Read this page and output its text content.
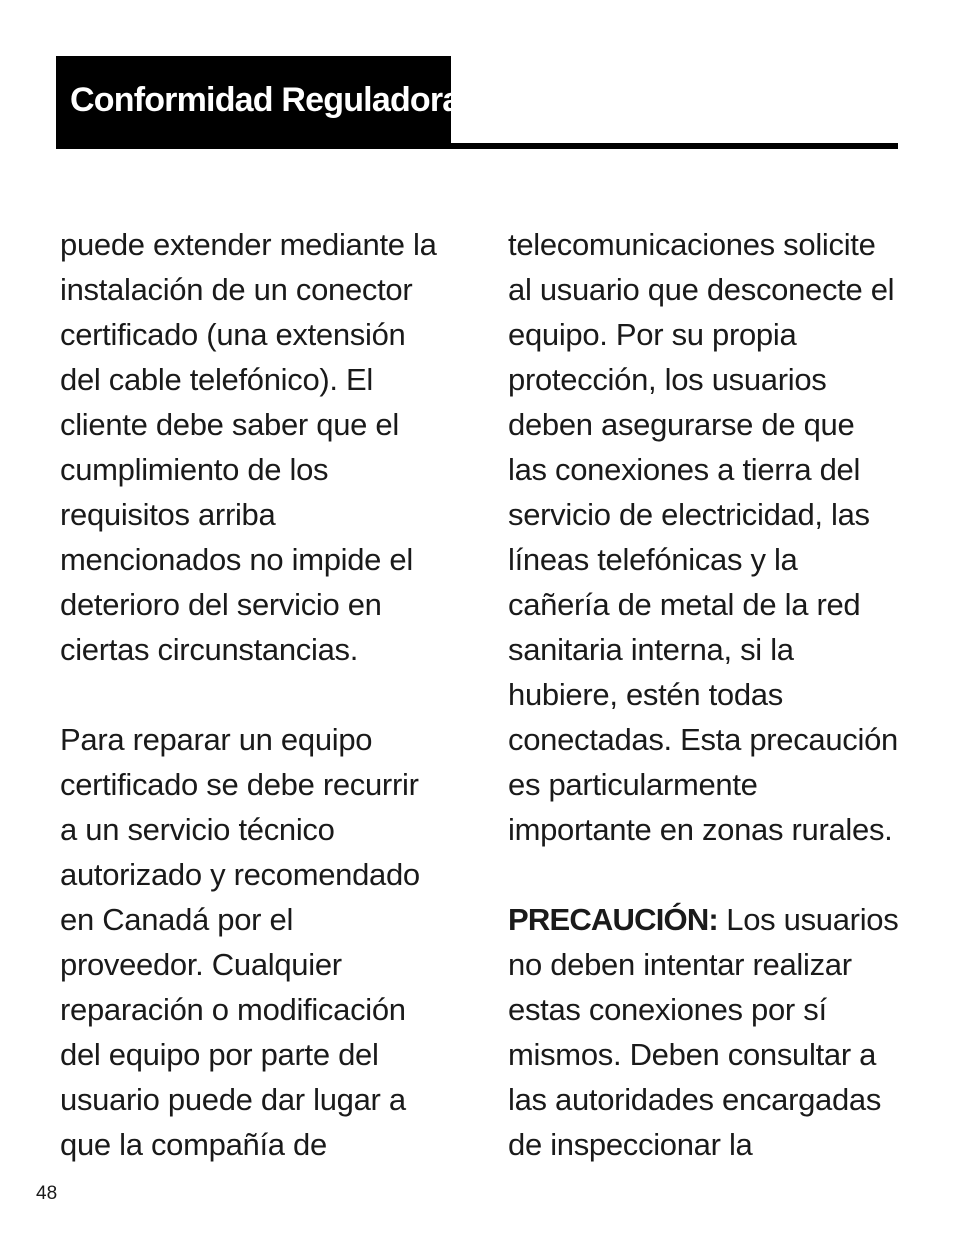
Conformidad Reguladora
puede extender mediante la
instalación de un conector
certificado (una extensión
del cable telefónico). El
cliente debe saber que el
cumplimiento de los
requisitos arriba
mencionados no impide el
deterioro del servicio en
ciertas circunstancias.
Para reparar un equipo
certificado se debe recurrir
a un servicio técnico
autorizado y recomendado
en Canadá por el
proveedor. Cualquier
reparación o modificación
del equipo por parte del
usuario puede dar lugar a
que la compañía de
telecomunicaciones solicite
al usuario que desconecte el
equipo. Por su propia
protección, los usuarios
deben asegurarse de que
las conexiones a tierra del
servicio de electricidad, las
líneas telefónicas y la
cañería de metal de la red
sanitaria interna, si la
hubiere, estén todas
conectadas. Esta precaución
es particularmente
importante en zonas rurales.
PRECAUCIÓN: Los usuarios
no deben intentar realizar
estas conexiones por sí
mismos. Deben consultar a
las autoridades encargadas
de inspeccionar la
48
